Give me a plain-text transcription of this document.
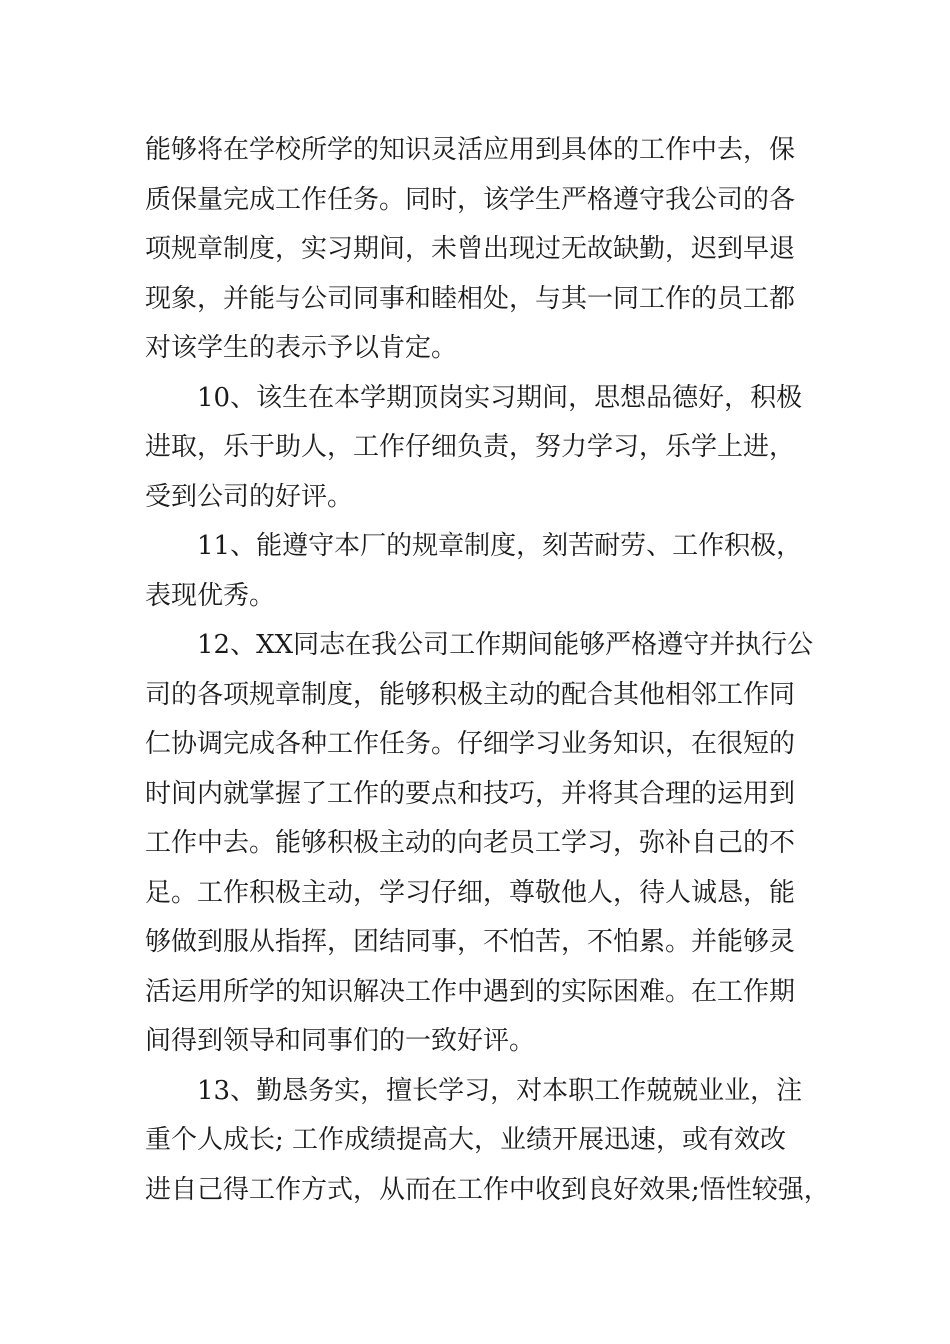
能够将在学校所学的知识灵活应用到具体的工作中去，保
质保量完成工作任务。同时，该学生严格遵守我公司的各
项规章制度，实习期间，未曾出现过无故缺勤，迟到早退
现象，并能与公司同事和睦相处，与其一同工作的员工都
对该学生的表示予以肯定。
10、该生在本学期顶岗实习期间，思想品德好，积极
进取，乐于助人，工作仔细负责，努力学习，乐学上进，
受到公司的好评。
11、能遵守本厂的规章制度，刻苦耐劳、工作积极，
表现优秀。
12、XX同志在我公司工作期间能够严格遵守并执行公
司的各项规章制度，能够积极主动的配合其他相邻工作同
仁协调完成各种工作任务。仔细学习业务知识，在很短的
时间内就掌握了工作的要点和技巧，并将其合理的运用到
工作中去。能够积极主动的向老员工学习，弥补自己的不
足。工作积极主动，学习仔细，尊敬他人，待人诚恳，能
够做到服从指挥，团结同事，不怕苦，不怕累。并能够灵
活运用所学的知识解决工作中遇到的实际困难。在工作期
间得到领导和同事们的一致好评。
13、勤恳务实，擅长学习，对本职工作兢兢业业，注
重个人成长; 工作成绩提高大，业绩开展迅速，或有效改
进自己得工作方式，从而在工作中收到良好效果;悟性较强，
